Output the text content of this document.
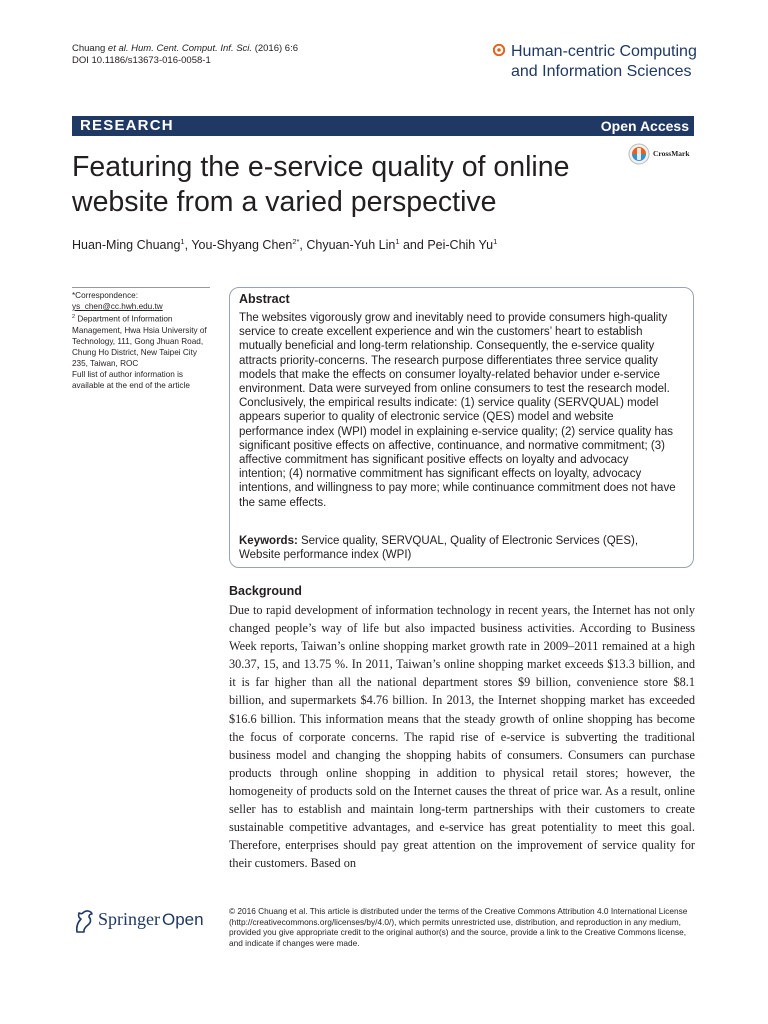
Chuang et al. Hum. Cent. Comput. Inf. Sci. (2016) 6:6
DOI 10.1186/s13673-016-0058-1
Human-centric Computing
and Information Sciences
RESEARCH	Open Access
CrossMark
Featuring the e-service quality of online website from a varied perspective
Huan-Ming Chuang$^1$, You-Shyang Chen$^{2*}$, Chyuan-Yuh Lin$^1$ and Pei-Chih Yu$^1$

*Correspondence:

ys_chen@cc.hwh.edu.tw

$^2$ Department of Information Management, Hwa Hsia University of Technology, 111, Gong Jhuan Road, Chung Ho District, New Taipei City 235, Taiwan, ROC

Full list of author information is available at the end of the article

Abstract
The websites vigorously grow and inevitably need to provide consumers high-quality service to create excellent experience and win the customers’ heart to establish mutually beneficial and long-term relationship. Consequently, the e-service quality attracts priority-concerns. The research purpose differentiates three service quality models that make the effects on consumer loyalty-related behavior under e-service environment. Data were surveyed from online consumers to test the research model. Conclusively, the empirical results indicate: (1) service quality (SERVQUAL) model appears superior to quality of electronic service (QES) model and website performance index (WPI) model in explaining e-service quality; (2) service quality has significant positive effects on affective, continuance, and normative commitment; (3) affective commitment has significant positive effects on loyalty and advocacy intention; (4) normative commitment has significant effects on loyalty, advocacy intentions, and willingness to pay more; while continuance commitment does not have the same effects.
Keywords: Service quality, SERVQUAL, Quality of Electronic Services (QES), Website performance index (WPI)
Background
Due to rapid development of information technology in recent years, the Internet has not only changed people’s way of life but also impacted business activities. According to Business Week reports, Taiwan’s online shopping market growth rate in 2009–2011 remained at a high 30.37, 15, and 13.75 %. In 2011, Taiwan’s online shopping market exceeds $13.3 billion, and it is far higher than all the national department stores $9 billion, convenience store $8.1 billion, and supermarkets $4.76 billion. In 2013, the Internet shopping market has exceeded $16.6 billion. This information means that the steady growth of online shopping has become the focus of corporate concerns. The rapid rise of e-service is subverting the traditional business model and changing the shopping habits of consumers. Consumers can purchase products through online shopping in addition to physical retail stores; however, the homogeneity of products sold on the Internet causes the threat of price war. As a result, online seller has to establish and maintain long-term partnerships with their customers to create sustainable competitive advantages, and e-service has great potentiality to meet this goal. Therefore, enterprises should pay great attention on the improvement of service quality for their customers. Based on
Springer Open	© 2016 Chuang et al. This article is distributed under the terms of the Creative Commons Attribution 4.0 International License (http://creativecommons.org/licenses/by/4.0/), which permits unrestricted use, distribution, and reproduction in any medium, provided you give appropriate credit to the original author(s) and the source, provide a link to the Creative Commons license, and indicate if changes were made.
